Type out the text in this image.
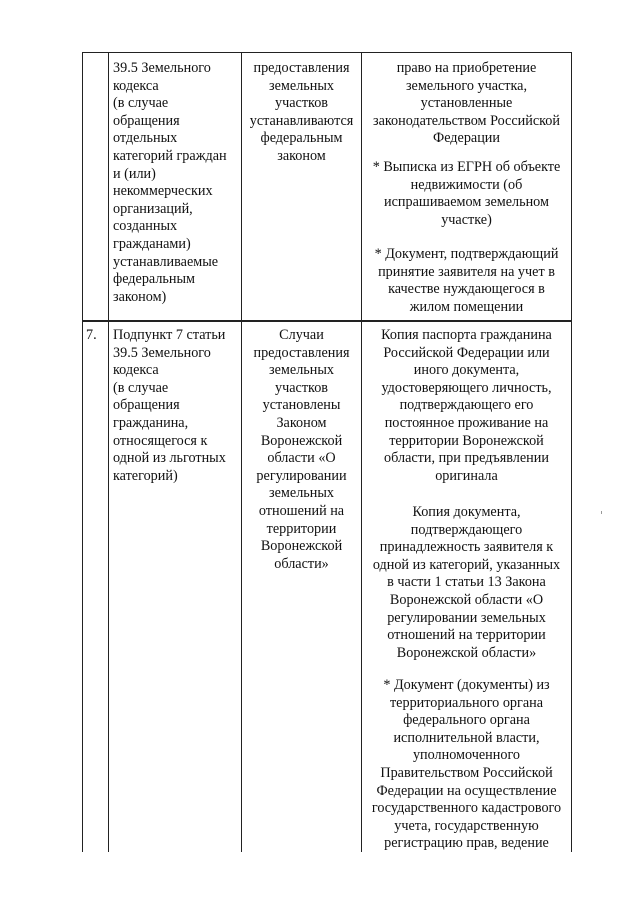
39.5 Земельного
кодекса
(в случае
обращения
отдельных
категорий граждан
и (или)
некоммерческих
организаций,
созданных
гражданами)
устанавливаемые
федеральным
законом)
предоставления
земельных
участков
устанавливаются
федеральным
законом
право на приобретение
земельного участка,
установленные
законодательством Российской
Федерации
* Выписка из ЕГРН об объекте
недвижимости (об
испрашиваемом земельном
участке)
* Документ, подтверждающий
принятие заявителя на учет в
качестве нуждающегося в
жилом помещении
7. Подпункт 7 статьи
39.5 Земельного
кодекса
(в случае
обращения
гражданина,
относящегося к
одной из льготных
категорий)
Случаи
предоставления
земельных
участков
установлены
Законом
Воронежской
области «О
регулировании
земельных
отношений на
территории
Воронежской
области»
Копия паспорта гражданина
Российской Федерации или
иного документа,
удостоверяющего личность,
подтверждающего его
постоянное проживание на
территории Воронежской
области, при предъявлении
оригинала
Копия документа,
подтверждающего
принадлежность заявителя к
одной из категорий, указанных
в части 1 статьи 13 Закона
Воронежской области «О
регулировании земельных
отношений на территории
Воронежской области»
* Документ (документы) из
территориального органа
федерального органа
исполнительной власти,
уполномоченного
Правительством Российской
Федерации на осуществление
государственного кадастрового
учета, государственную
регистрацию прав, ведение
